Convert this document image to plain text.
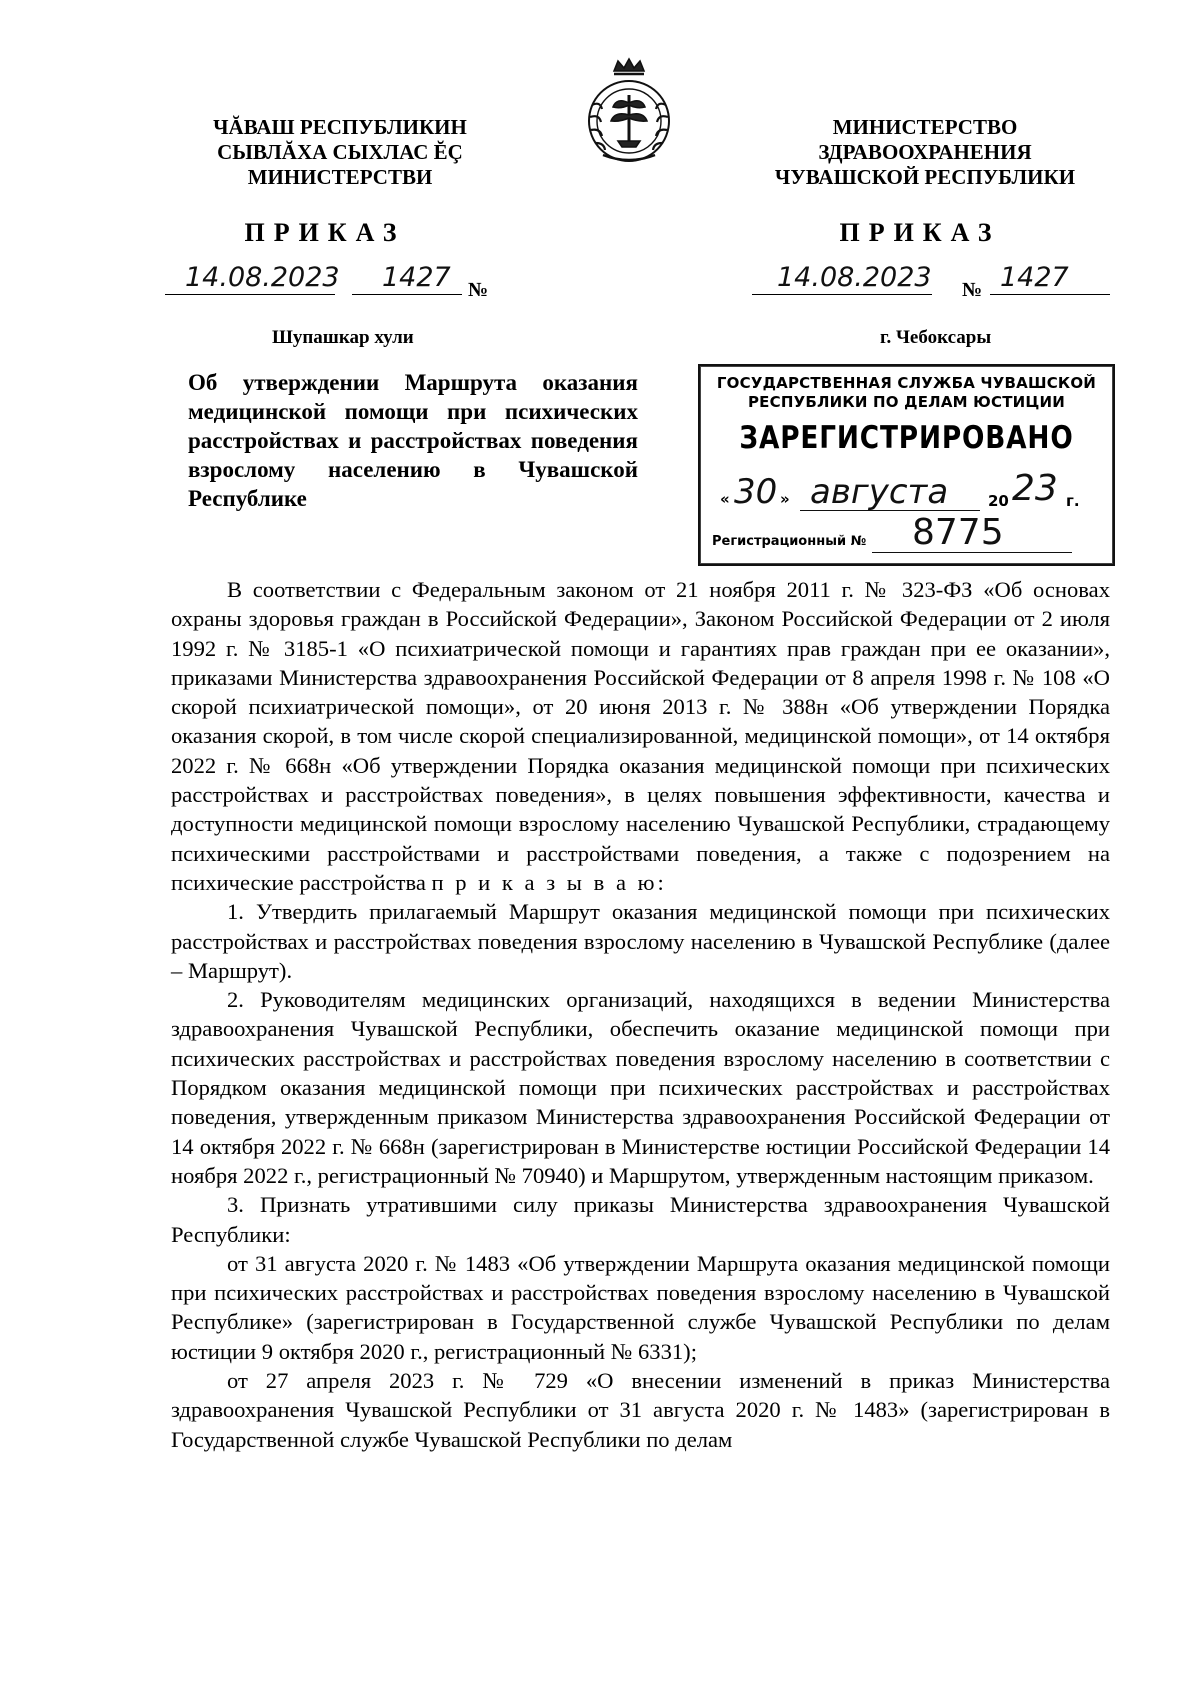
ЧĂВАШ РЕСПУБЛИКИН
СЫВЛĂХА СЫХЛАС ĔÇ
МИНИСТЕРСТВИ
МИНИСТЕРСТВО
ЗДРАВООХРАНЕНИЯ
ЧУВАШСКОЙ РЕСПУБЛИКИ
ПРИКАЗ	ПРИКАЗ
14.08.2023 1427 №	14.08.2023 № 1427
Шупашкар хули	г. Чебоксары
Об утверждении Маршрута оказания медицинской помощи при психических расстройствах и расстройствах поведения взрослому населению в Чувашской Республике
ГОСУДАРСТВЕННАЯ СЛУЖБА ЧУВАШСКОЙ
РЕСПУБЛИКИ ПО ДЕЛАМ ЮСТИЦИИ
ЗАРЕГИСТРИРОВАНО
« 30 » августа	20 23 г.
Регистрационный № 8775

В соответствии с Федеральным законом от 21 ноября 2011 г. № 323-ФЗ «Об основах охраны здоровья граждан в Российской Федерации», Законом Российской Федерации от 2 июля 1992 г. № 3185-1 «О психиатрической помощи и гарантиях прав граждан при ее оказании», приказами Министерства здравоохранения Российской Федерации от 8 апреля 1998 г. № 108 «О скорой психиатрической помощи», от 20 июня 2013 г. № 388н «Об утверждении Порядка оказания скорой, в том числе скорой специализированной, медицинской помощи», от 14 октября 2022 г. № 668н «Об утверждении Порядка оказания медицинской помощи при психических расстройствах и расстройствах поведения», в целях повышения эффективности, качества и доступности медицинской помощи взрослому населению Чувашской Республики, страдающему психическими расстройствами и расстройствами поведения, а также с подозрением на психические расстройства п р и к а з ы в а ю:

1. Утвердить прилагаемый Маршрут оказания медицинской помощи при психических расстройствах и расстройствах поведения взрослому населению в Чувашской Республике (далее – Маршрут).

2. Руководителям медицинских организаций, находящихся в ведении Министерства здравоохранения Чувашской Республики, обеспечить оказание медицинской помощи при психических расстройствах и расстройствах поведения взрослому населению в соответствии с Порядком оказания медицинской помощи при психических расстройствах и расстройствах поведения, утвержденным приказом Министерства здравоохранения Российской Федерации от 14 октября 2022 г. № 668н (зарегистрирован в Министерстве юстиции Российской Федерации 14 ноября 2022 г., регистрационный № 70940) и Маршрутом, утвержденным настоящим приказом.

3. Признать утратившими силу приказы Министерства здравоохранения Чувашской Республики:

от 31 августа 2020 г. № 1483 «Об утверждении Маршрута оказания медицинской помощи при психических расстройствах и расстройствах поведения взрослому населению в Чувашской Республике» (зарегистрирован в Государственной службе Чувашской Республики по делам юстиции 9 октября 2020 г., регистрационный № 6331);

от 27 апреля 2023 г. № 729 «О внесении изменений в приказ Министерства здравоохранения Чувашской Республики от 31 августа 2020 г. № 1483» (зарегистрирован в Государственной службе Чувашской Республики по делам
